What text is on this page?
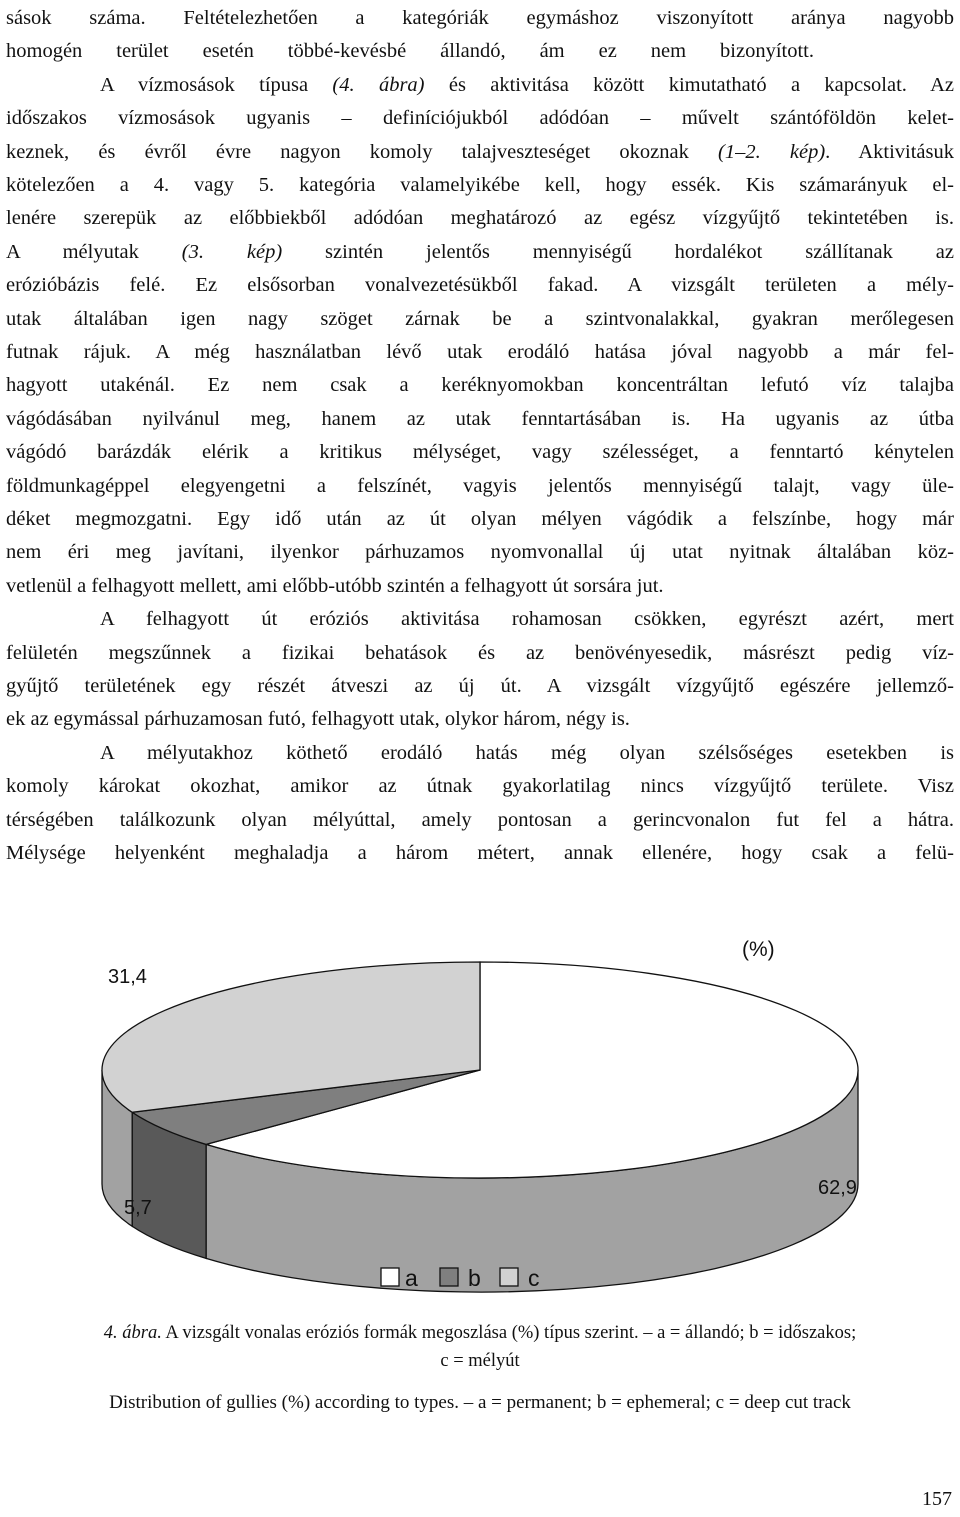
sások száma. Feltételezhetően a kategóriák egymáshoz viszonyított aránya nagyobb
homogén terület esetén többé-kevésbé állandó, ám ez nem bizonyított.
A vízmosások típusa (4. ábra) és aktivitása között kimutatható a kapcsolat. Az
időszakos vízmosások ugyanis – definíciójukból adódóan – művelt szántóföldön kelet-
keznek, és évről évre nagyon komoly talajveszteséget okoznak (1–2. kép). Aktivitásuk
kötelezően a 4. vagy 5. kategória valamelyikébe kell, hogy essék. Kis számarányuk el-
lenére szerepük az előbbiekből adódóan meghatározó az egész vízgyűjtő tekintetében is.
A mélyutak (3. kép) szintén jelentős mennyiségű hordalékot szállítanak az
erózióbázis felé. Ez elsősorban vonalvezetésükből fakad. A vizsgált területen a mély-
utak általában igen nagy szöget zárnak be a szintvonalakkal, gyakran merőlegesen
futnak rájuk. A még használatban lévő utak erodáló hatása jóval nagyobb a már fel-
hagyott utakénál. Ez nem csak a keréknyomokban koncentráltan lefutó víz talajba
vágódásában nyilvánul meg, hanem az utak fenntartásában is. Ha ugyanis az útba
vágódó barázdák elérik a kritikus mélységet, vagy szélességet, a fenntartó kénytelen
földmunkagéppel elegyengetni a felszínét, vagyis jelentős mennyiségű talajt, vagy üle-
déket megmozgatni. Egy idő után az út olyan mélyen vágódik a felszínbe, hogy már
nem éri meg javítani, ilyenkor párhuzamos nyomvonallal új utat nyitnak általában köz-
vetlenül a felhagyott mellett, ami előbb-utóbb szintén a felhagyott út sorsára jut.
A felhagyott út eróziós aktivitása rohamosan csökken, egyrészt azért, mert
felületén megszűnnek a fizikai behatások és az benövényesedik, másrészt pedig víz-
gyűjtő területének egy részét átveszi az új út. A vizsgált vízgyűjtő egészére jellemző-
ek az egymással párhuzamosan futó, felhagyott utak, olykor három, négy is.
A mélyutakhoz köthető erodáló hatás még olyan szélsőséges esetekben is
komoly károkat okozhat, amikor az útnak gyakorlatilag nincs vízgyűjtő területe. Visz
térségében találkozunk olyan mélyúttal, amely pontosan a gerincvonalon fut fel a hátra.
Mélysége helyenként meghaladja a három métert, annak ellenére, hogy csak a felü-
(%)
31,4
5,7
62,9
a b c
4. ábra. A vizsgált vonalas eróziós formák megoszlása (%) típus szerint. – a = állandó; b = időszakos;
c = mélyút
Distribution of gullies (%) according to types. – a = permanent; b = ephemeral; c = deep cut track
157
